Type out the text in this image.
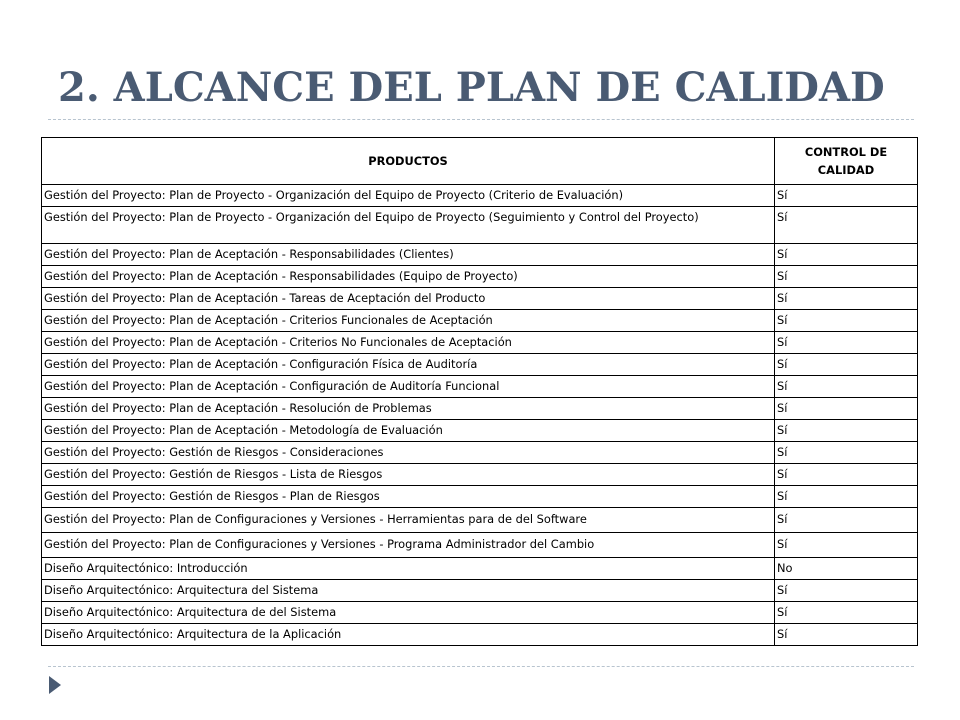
2. ALCANCE DEL PLAN DE CALIDAD
PRODUCTOS	CONTROL DE CALIDAD
Gestión del Proyecto: Plan de Proyecto - Organización del Equipo de Proyecto (Criterio de Evaluación)	Sí
Gestión del Proyecto: Plan de Proyecto - Organización del Equipo de Proyecto (Seguimiento y Control del Proyecto)	Sí
Gestión del Proyecto: Plan de Aceptación - Responsabilidades (Clientes)	Sí
Gestión del Proyecto: Plan de Aceptación - Responsabilidades (Equipo de Proyecto)	Sí
Gestión del Proyecto: Plan de Aceptación - Tareas de Aceptación del Producto	Sí
Gestión del Proyecto: Plan de Aceptación - Criterios Funcionales de Aceptación	Sí
Gestión del Proyecto: Plan de Aceptación - Criterios No Funcionales de Aceptación	Sí
Gestión del Proyecto: Plan de Aceptación - Configuración Física de Auditoría	Sí
Gestión del Proyecto: Plan de Aceptación - Configuración de Auditoría Funcional	Sí
Gestión del Proyecto: Plan de Aceptación - Resolución de Problemas	Sí
Gestión del Proyecto: Plan de Aceptación - Metodología de Evaluación	Sí
Gestión del Proyecto: Gestión de Riesgos - Consideraciones	Sí
Gestión del Proyecto: Gestión de Riesgos - Lista de Riesgos	Sí
Gestión del Proyecto: Gestión de Riesgos - Plan de Riesgos	Sí
Gestión del Proyecto: Plan de Configuraciones y Versiones - Herramientas para de del Software	Sí
Gestión del Proyecto: Plan de Configuraciones y Versiones - Programa Administrador del Cambio	Sí
Diseño Arquitectónico: Introducción	No
Diseño Arquitectónico: Arquitectura del Sistema	Sí
Diseño Arquitectónico: Arquitectura de del Sistema	Sí
Diseño Arquitectónico: Arquitectura de la Aplicación	Sí
